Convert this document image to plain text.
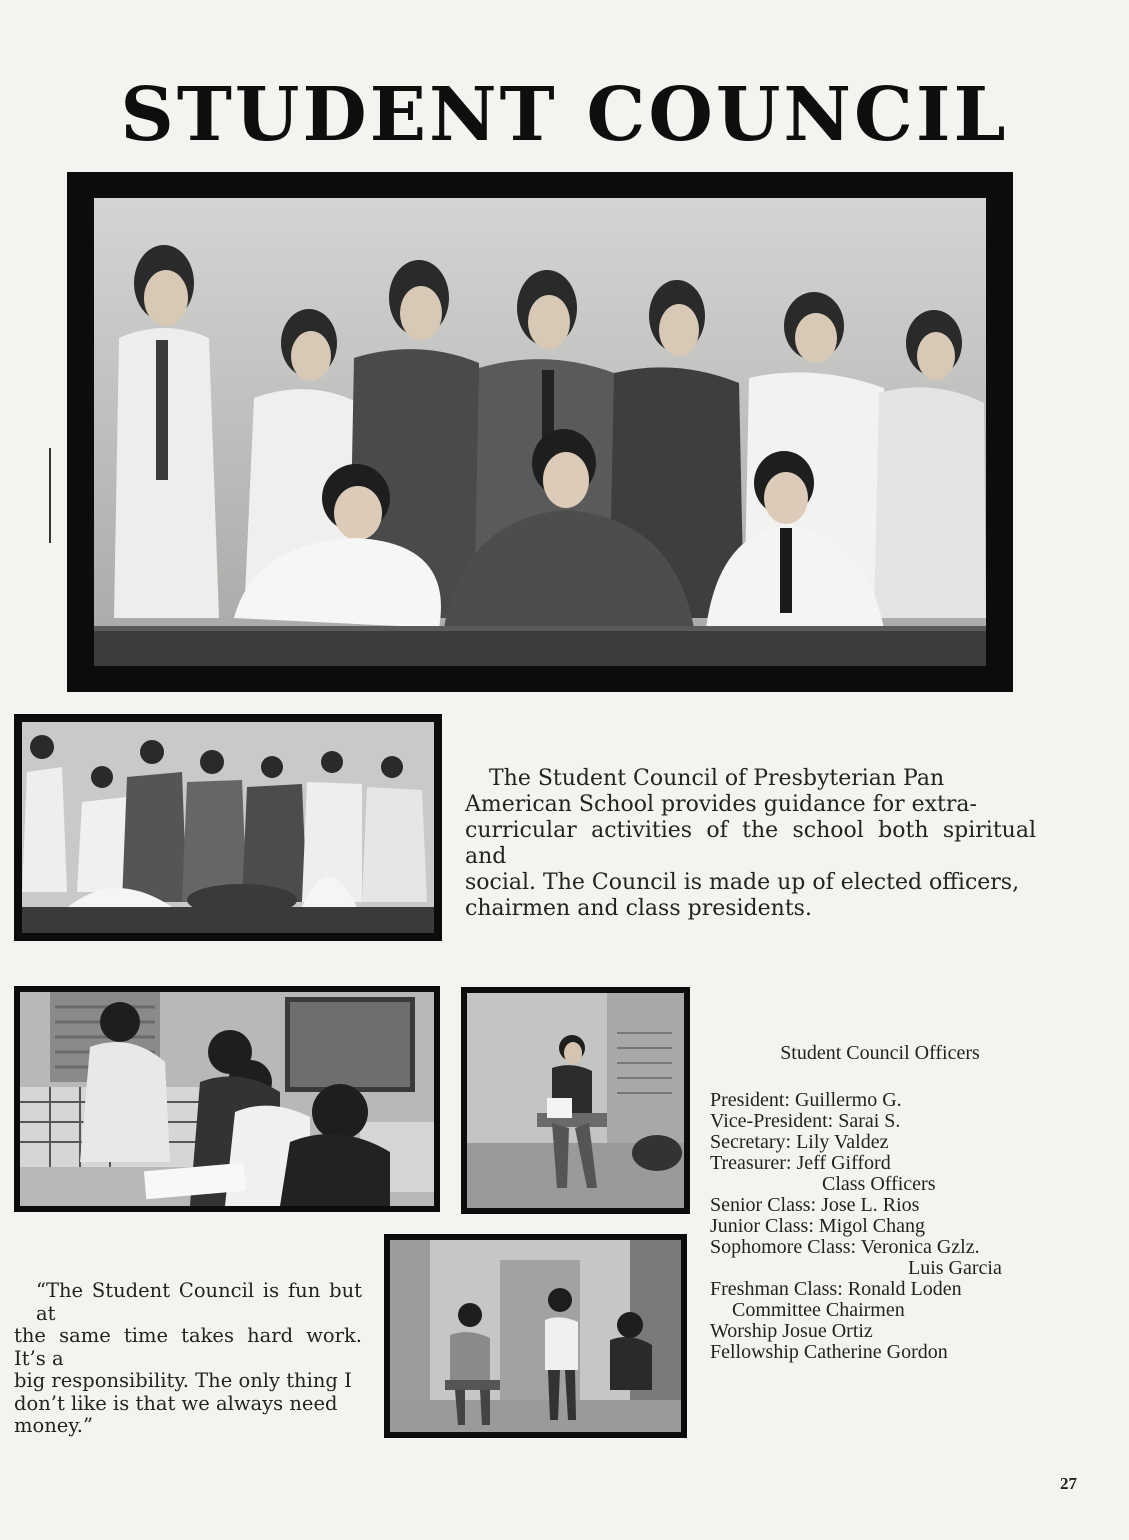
STUDENT COUNCIL
The Student Council of Presbyterian Pan
American School provides guidance for extra-
curricular activities of the school both spiritual and
social. The Council is made up of elected officers,
chairmen and class presidents.
Student Council Officers
President: Guillermo G.
Vice-President: Sarai S.
Secretary: Lily Valdez
Treasurer: Jeff Gifford
Class Officers
Senior Class: Jose L. Rios
Junior Class: Migol Chang
Sophomore Class: Veronica Gzlz.
Luis Garcia
Freshman Class: Ronald Loden
Committee Chairmen
Worship Josue Ortiz
Fellowship Catherine Gordon
“The Student Council is fun but at
the same time takes hard work. It’s a
big responsibility. The only thing I
don’t like is that we always need
money.”
27
